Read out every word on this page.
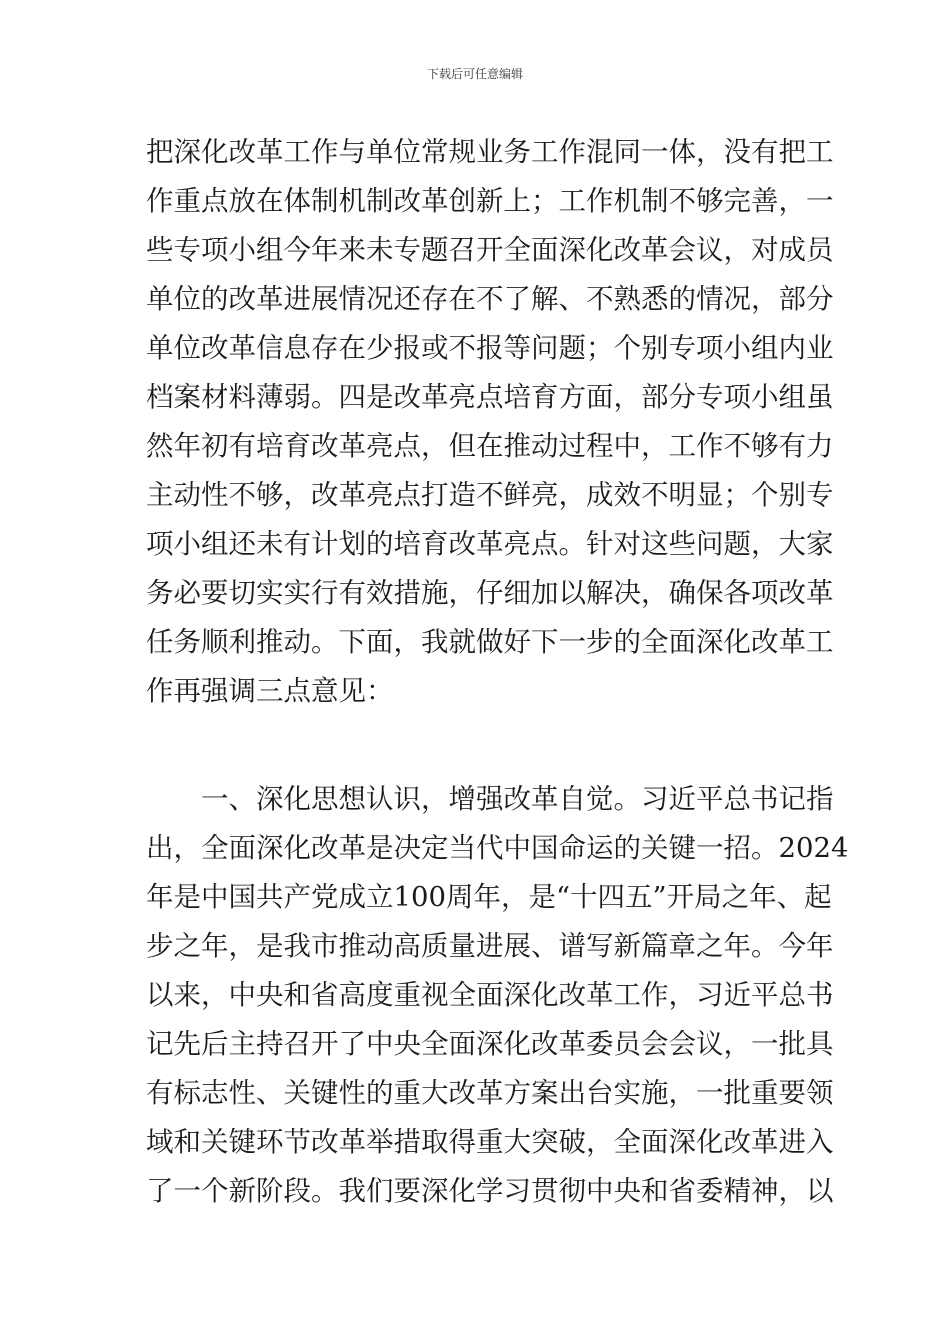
下载后可任意编辑
把深化改革工作与单位常规业务工作混同一体，没有把工
作重点放在体制机制改革创新上；工作机制不够完善，一
些专项小组今年来未专题召开全面深化改革会议，对成员
单位的改革进展情况还存在不了解、不熟悉的情况，部分
单位改革信息存在少报或不报等问题；个别专项小组内业
档案材料薄弱。四是改革亮点培育方面，部分专项小组虽
然年初有培育改革亮点，但在推动过程中，工作不够有力
主动性不够，改革亮点打造不鲜亮，成效不明显；个别专
项小组还未有计划的培育改革亮点。针对这些问题，大家
务必要切实实行有效措施，仔细加以解决，确保各项改革
任务顺利推动。下面，我就做好下一步的全面深化改革工
作再强调三点意见：
一、深化思想认识，增强改革自觉。习近平总书记指
出，全面深化改革是决定当代中国命运的关键一招。2024
年是中国共产党成立100周年，是“十四五”开局之年、起
步之年，是我市推动高质量进展、谱写新篇章之年。今年
以来，中央和省高度重视全面深化改革工作，习近平总书
记先后主持召开了中央全面深化改革委员会会议，一批具
有标志性、关键性的重大改革方案出台实施，一批重要领
域和关键环节改革举措取得重大突破，全面深化改革进入
了一个新阶段。我们要深化学习贯彻中央和省委精神，以
